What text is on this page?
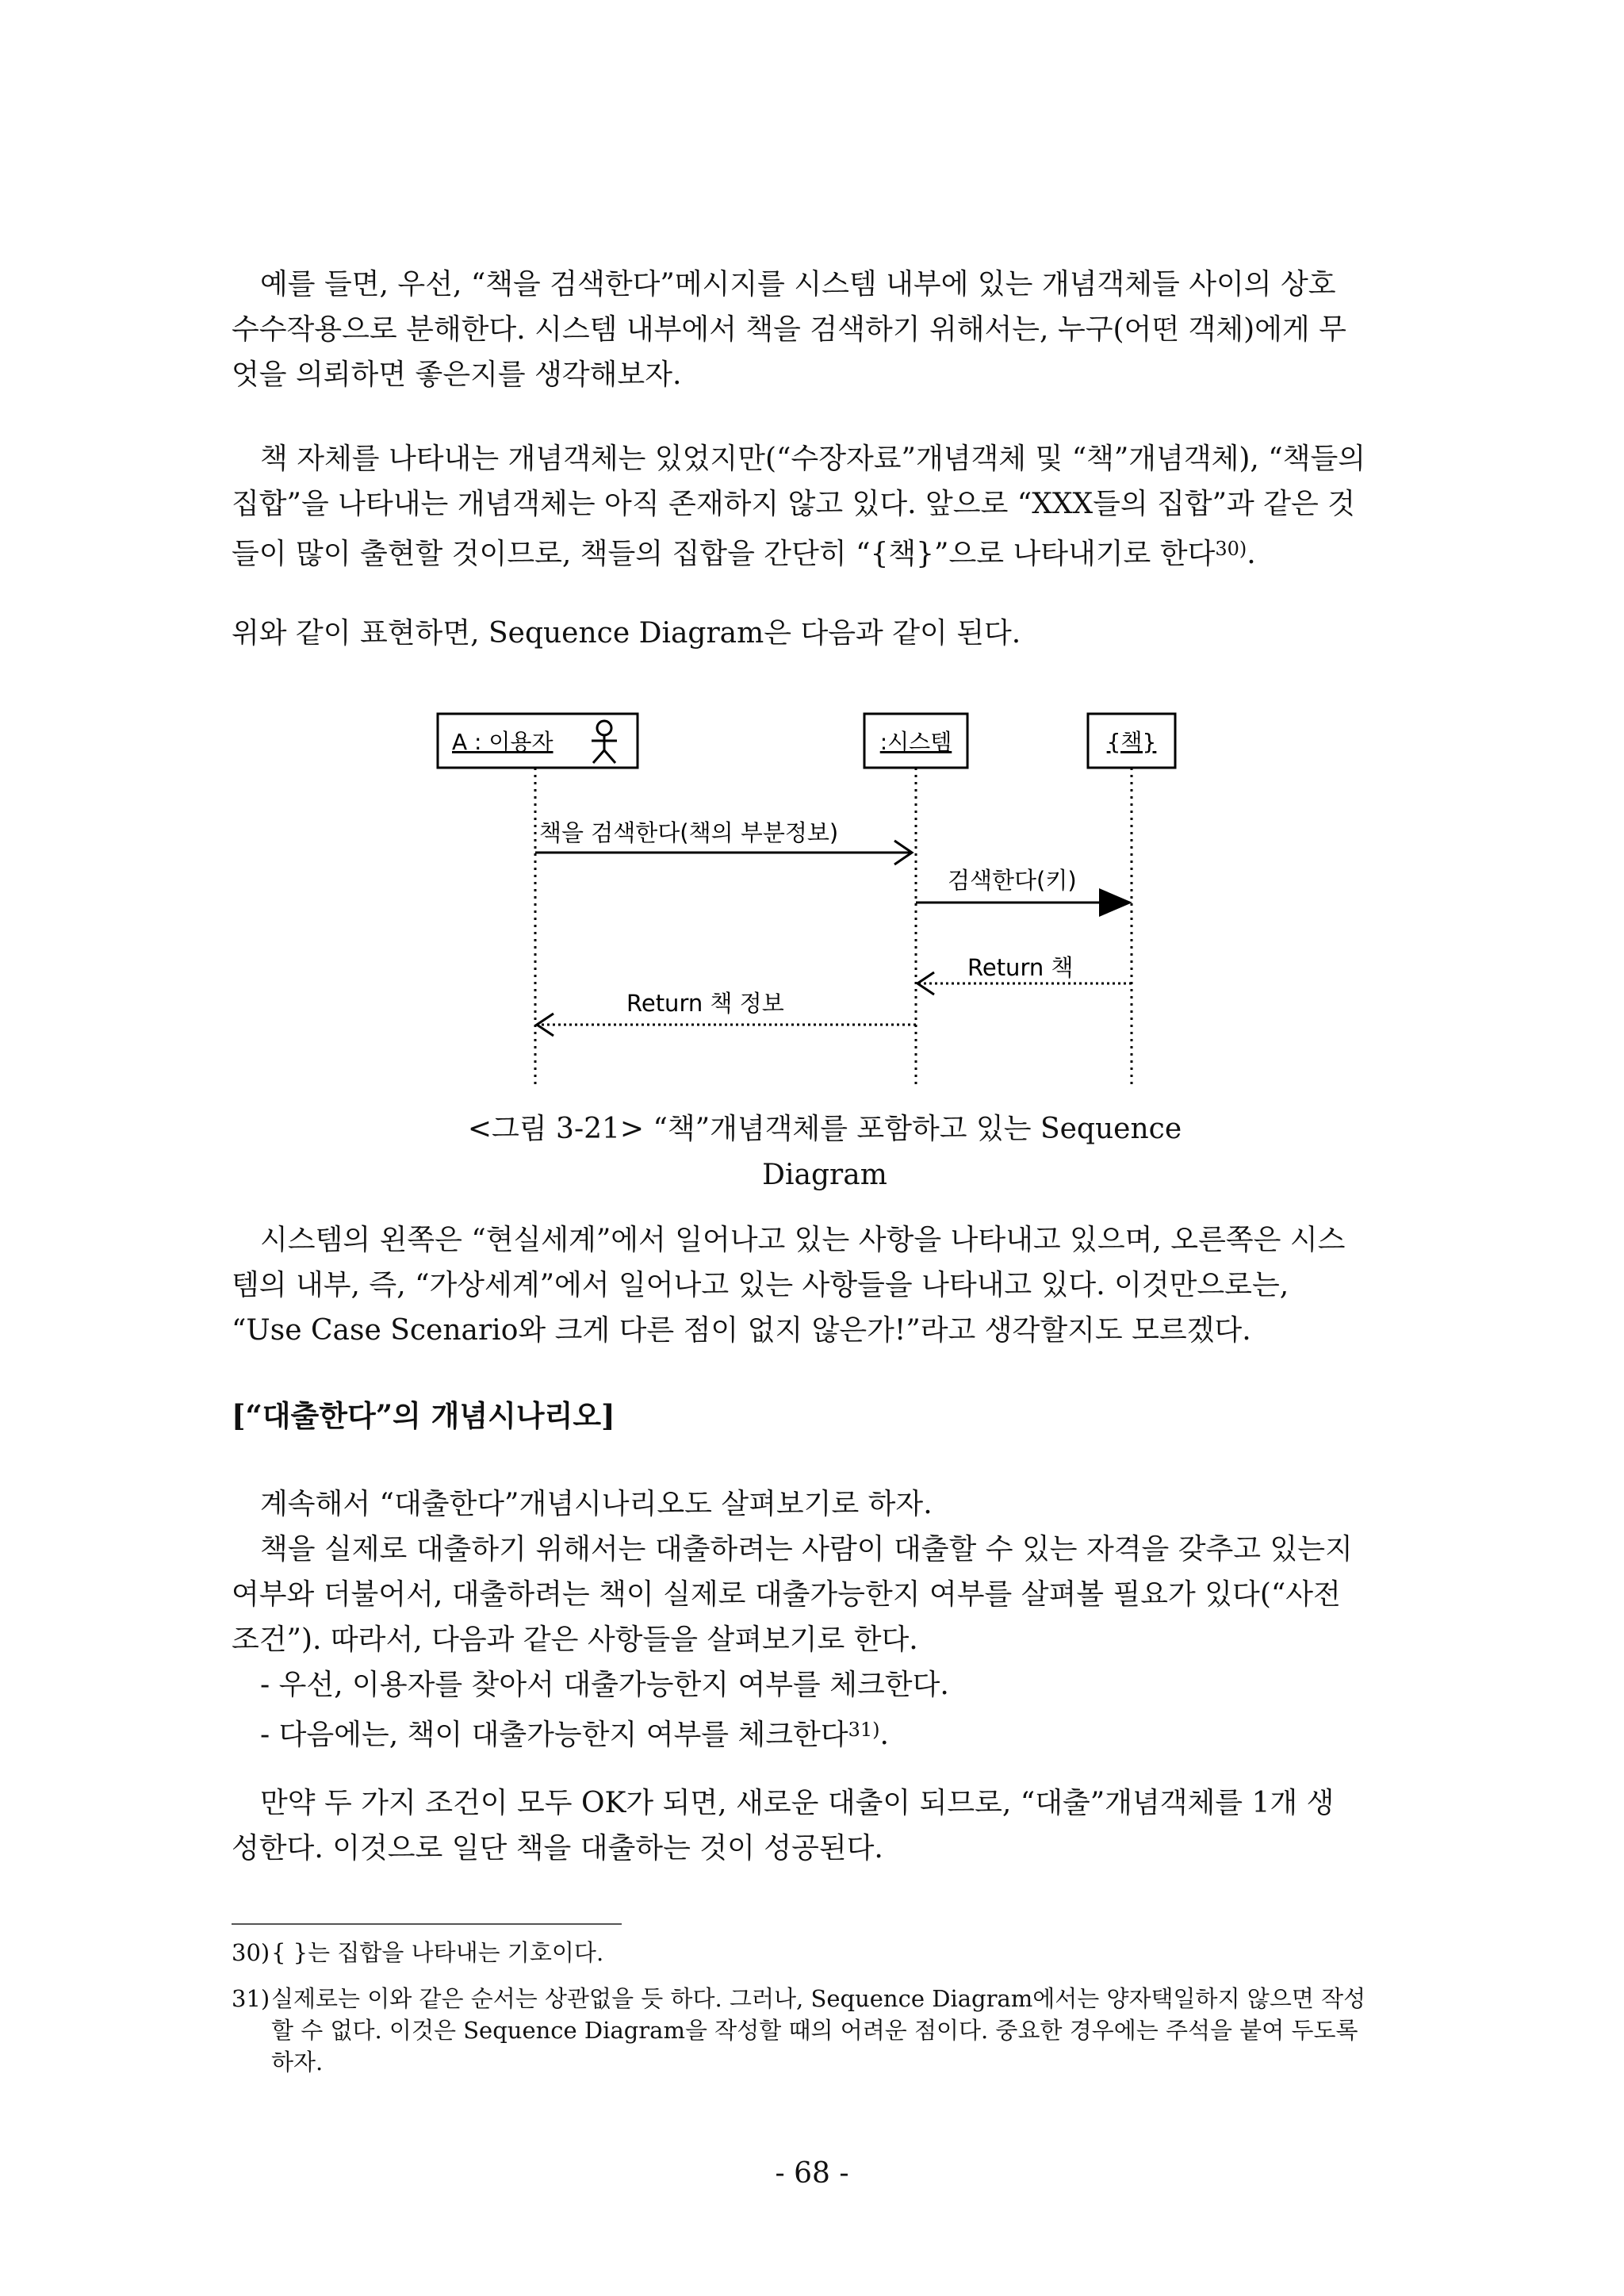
예를 들면, 우선, “책을 검색한다”메시지를 시스템 내부에 있는 개념객체들 사이의 상호
수수작용으로 분해한다. 시스템 내부에서 책을 검색하기 위해서는, 누구(어떤 객체)에게 무
엇을 의뢰하면 좋은지를 생각해보자.
책 자체를 나타내는 개념객체는 있었지만(“수장자료”개념객체 및 “책”개념객체), “책들의
집합”을 나타내는 개념객체는 아직 존재하지 않고 있다. 앞으로 “XXX들의 집합”과 같은 것
들이 많이 출현할 것이므로, 책들의 집합을 간단히 “{책}”으로 나타내기로 한다$^{30)}$.
위와 같이 표현하면, Sequence Diagram은 다음과 같이 된다.
A : 이용자	:시스템	{책}
책을 검색한다(책의 부분정보)
검색한다(키)
Return 책
Return 책 정보
<그림 3-21> “책”개념객체를 포함하고 있는 Sequence
Diagram
시스템의 왼쪽은 “현실세계”에서 일어나고 있는 사항을 나타내고 있으며, 오른쪽은 시스
템의 내부, 즉, “가상세계”에서 일어나고 있는 사항들을 나타내고 있다. 이것만으로는,
“Use Case Scenario와 크게 다른 점이 없지 않은가!”라고 생각할지도 모르겠다.
[“대출한다”의 개념시나리오]
계속해서 “대출한다”개념시나리오도 살펴보기로 하자.
책을 실제로 대출하기 위해서는 대출하려는 사람이 대출할 수 있는 자격을 갖추고 있는지
여부와 더불어서, 대출하려는 책이 실제로 대출가능한지 여부를 살펴볼 필요가 있다(“사전
조건”). 따라서, 다음과 같은 사항들을 살펴보기로 한다.
- 우선, 이용자를 찾아서 대출가능한지 여부를 체크한다.
- 다음에는, 책이 대출가능한지 여부를 체크한다$^{31)}$.
만약 두 가지 조건이 모두 OK가 되면, 새로운 대출이 되므로, “대출”개념객체를 1개 생
성한다. 이것으로 일단 책을 대출하는 것이 성공된다.
30){ }는 집합을 나타내는 기호이다.
31)실제로는 이와 같은 순서는 상관없을 듯 하다. 그러나, Sequence Diagram에서는 양자택일하지 않으면 작성
할 수 없다. 이것은 Sequence Diagram을 작성할 때의 어려운 점이다. 중요한 경우에는 주석을 붙여 두도록
하자.
- 68 -
